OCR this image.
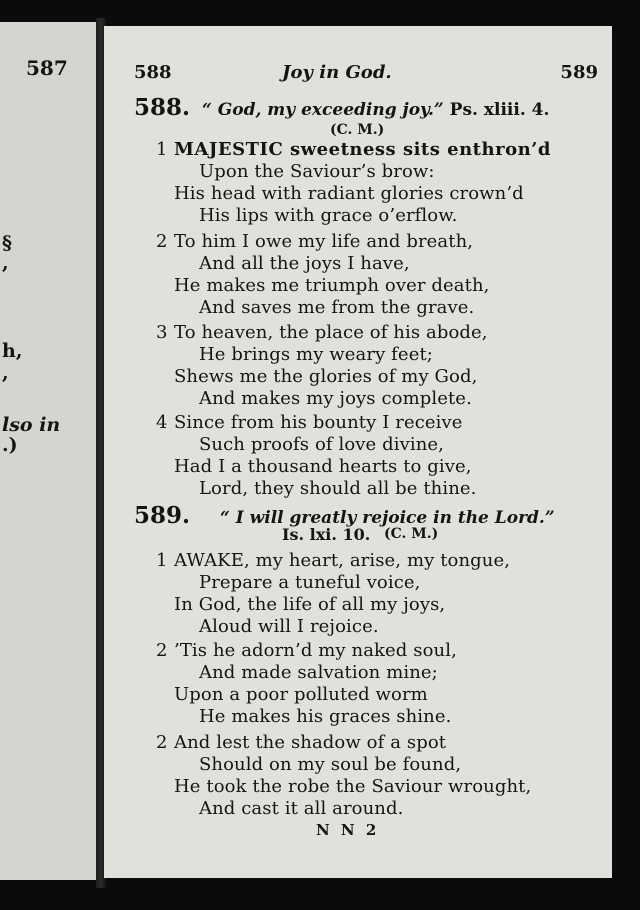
587
§
,
h,
,
lso in
.)
588	Joy in God.	589
588. “ God, my exceeding joy.” Ps. xliii. 4.
(C. M.)
1 MAJESTIC sweetness sits enthron’d
Upon the Saviour’s brow:
His head with radiant glories crown’d
His lips with grace o’erflow.
2 To him I owe my life and breath,
And all the joys I have,
He makes me triumph over death,
And saves me from the grave.
3 To heaven, the place of his abode,
He brings my weary feet;
Shews me the glories of my God,
And makes my joys complete.
4 Since from his bounty I receive
Such proofs of love divine,
Had I a thousand hearts to give,
Lord, they should all be thine.
589. “ I will greatly rejoice in the Lord.”
Is. lxi. 10. (C. M.)
1 AWAKE, my heart, arise, my tongue,
Prepare a tuneful voice,
In God, the life of all my joys,
Aloud will I rejoice.
2 ’Tis he adorn’d my naked soul,
And made salvation mine;
Upon a poor polluted worm
He makes his graces shine.
2 And lest the shadow of a spot
Should on my soul be found,
He took the robe the Saviour wrought,
And cast it all around.
N N 2
